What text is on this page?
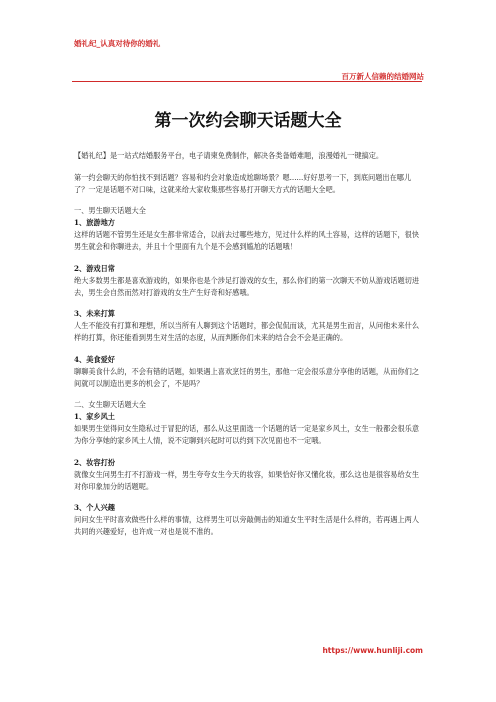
婚礼纪_认真对待你的婚礼
百万新人信赖的结婚网站
第一次约会聊天话题大全

【婚礼纪】是一站式结婚服务平台，电子请柬免费制作，解决各类备婚难题，浪漫婚礼一键搞定。

第一约会聊天的你怕找不到话题？容易和约会对象造成尬聊场景？嗯......好好思考一下，到底问题出在哪儿了？一定是话题不对口味，这就来给大家收集那些容易打开聊天方式的话题大全吧。

一、男生聊天话题大全

1、旅游地方

这样的话题不管男生还是女生都非常适合，以前去过哪些地方，见过什么样的风土容易，这样的话题下，很快男生就会和你聊进去，并且十个里面有九个是不会感到尴尬的话题哦！

2、游戏日常

绝大多数男生都是喜欢游戏的，如果你也是个涉足打游戏的女生，那么你们的第一次聊天不妨从游戏话题切进去，男生会自然而然对打游戏的女生产生好奇和好感哦。

3、未来打算

人生不能没有打算和理想，所以当所有人聊到这个话题时，都会侃侃而谈，尤其是男生而言，从问他未来什么样的打算，你还能看到男生对生活的态度，从而判断你们未来的结合会不会是正确的。

4、美食爱好

聊聊美食什么的，不会有错的话题，如果遇上喜欢烹饪的男生，那他一定会很乐意分享他的话题，从而你们之间就可以制造出更多的机会了，不是吗？

二、女生聊天话题大全

1、家乡风土

如果男生觉得问女生隐私过于冒犯的话，那么从这里面选一个话题的话一定是家乡风土，女生一般都会很乐意为你分享她的家乡风土人情，说不定聊到兴起时可以约到下次见面也不一定哦。

2、妆容打扮

就像女生问男生打不打游戏一样，男生夸夸女生今天的妆容，如果恰好你又懂化妆，那么这也是很容易给女生对你印象加分的话题呢。

3、个人兴趣

问问女生平时喜欢做些什么样的事情，这样男生可以旁敲侧击的知道女生平时生活是什么样的，若再遇上两人共同的兴趣爱好，也许成一对也是说不准的。

https://www.hunliji.com
